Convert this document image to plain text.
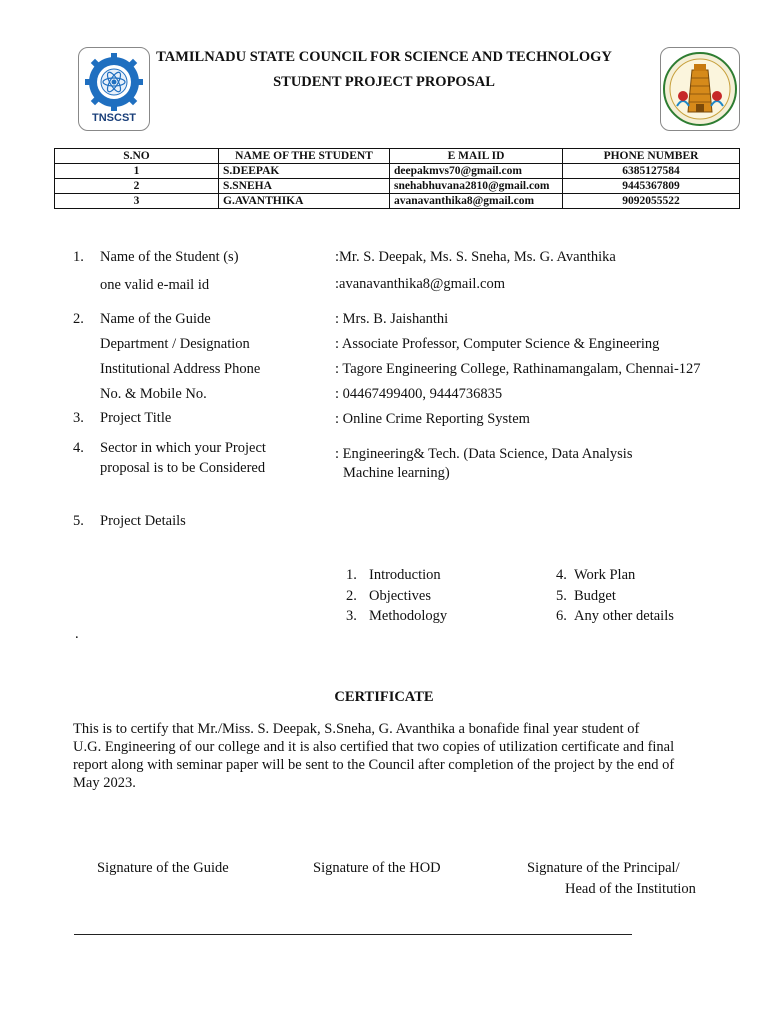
TAMILNADU STATE COUNCIL FOR SCIENCE AND TECHNOLOGY
STUDENT PROJECT PROPOSAL
TNSCST
S.NO	NAME OF THE STUDENT	E MAIL ID	PHONE NUMBER
1	S.DEEPAK	deepakmvs70@gmail.com	6385127584
2	S.SNEHA	snehabhuvana2810@gmail.com	9445367809
3	G.AVANTHIKA	avanavanthika8@gmail.com	9092055522
1. Name of the Student (s)	:Mr. S. Deepak, Ms. S. Sneha, Ms. G. Avanthika
one valid e-mail id	:avanavanthika8@gmail.com
2. Name of the Guide	: Mrs. B. Jaishanthi
Department / Designation	: Associate Professor, Computer Science & Engineering
Institutional Address Phone	: Tagore Engineering College, Rathinamangalam, Chennai-127
No. & Mobile No.	: 04467499400, 9444736835
3. Project Title	: Online Crime Reporting System
4. Sector in which your Project
proposal is to be Considered
: Engineering& Tech. (Data Science, Data Analysis
Machine learning)
5. Project Details
1. Introduction
2. Objectives
3. Methodology
4. Work Plan
5. Budget
6. Any other details
.
CERTIFICATE
This is to certify that Mr./Miss. S. Deepak, S.Sneha, G. Avanthika a bonafide final year student of
U.G. Engineering of our college and it is also certified that two copies of utilization certificate and final
report along with seminar paper will be sent to the Council after completion of the project by the end of
May 2023.
Signature of the Guide	Signature of the HOD	Signature of the Principal/
Head of the Institution
